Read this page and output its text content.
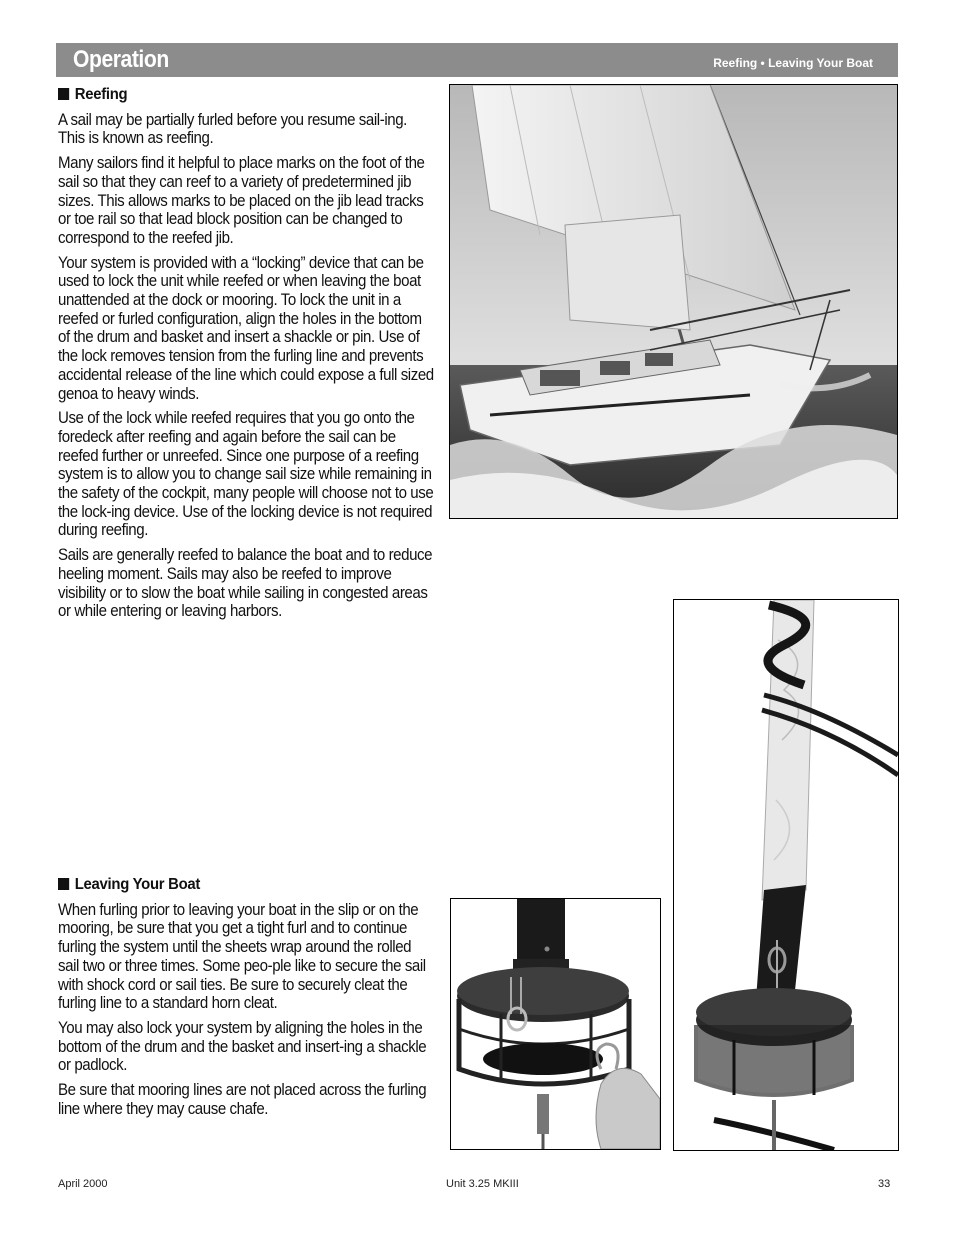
Operation	Reefing • Leaving Your Boat
Reefing

A sail may be partially furled before you resume sail-ing. This is known as reefing.

Many sailors find it helpful to place marks on the foot of the sail so that they can reef to a variety of predetermined jib sizes. This allows marks to be placed on the jib lead tracks or toe rail so that lead block position can be changed to correspond to the reefed jib.

Your system is provided with a “locking” device that can be used to lock the unit while reefed or when leaving the boat unattended at the dock or mooring. To lock the unit in a reefed or furled configuration, align the holes in the bottom of the drum and basket and insert a shackle or pin. Use of the lock removes tension from the furling line and prevents accidental release of the line which could expose a full sized genoa to heavy winds.

Use of the lock while reefed requires that you go onto the foredeck after reefing and again before the sail can be reefed further or unreefed. Since one purpose of a reefing system is to allow you to change sail size while remaining in the safety of the cockpit, many people will choose not to use the lock-ing device. Use of the locking device is not required during reefing.

Sails are generally reefed to balance the boat and to reduce heeling moment. Sails may also be reefed to improve visibility or to slow the boat while sailing in congested areas or while entering or leaving harbors.

Leaving Your Boat

When furling prior to leaving your boat in the slip or on the mooring, be sure that you get a tight furl and to continue furling the system until the sheets wrap around the rolled sail two or three times. Some peo-ple like to secure the sail with shock cord or sail ties. Be sure to securely cleat the furling line to a standard horn cleat.

You may also lock your system by aligning the holes in the bottom of the drum and the basket and insert-ing a shackle or padlock.

Be sure that mooring lines are not placed across the furling line where they may cause chafe.

April 2000	Unit 3.25 MKIII	33
